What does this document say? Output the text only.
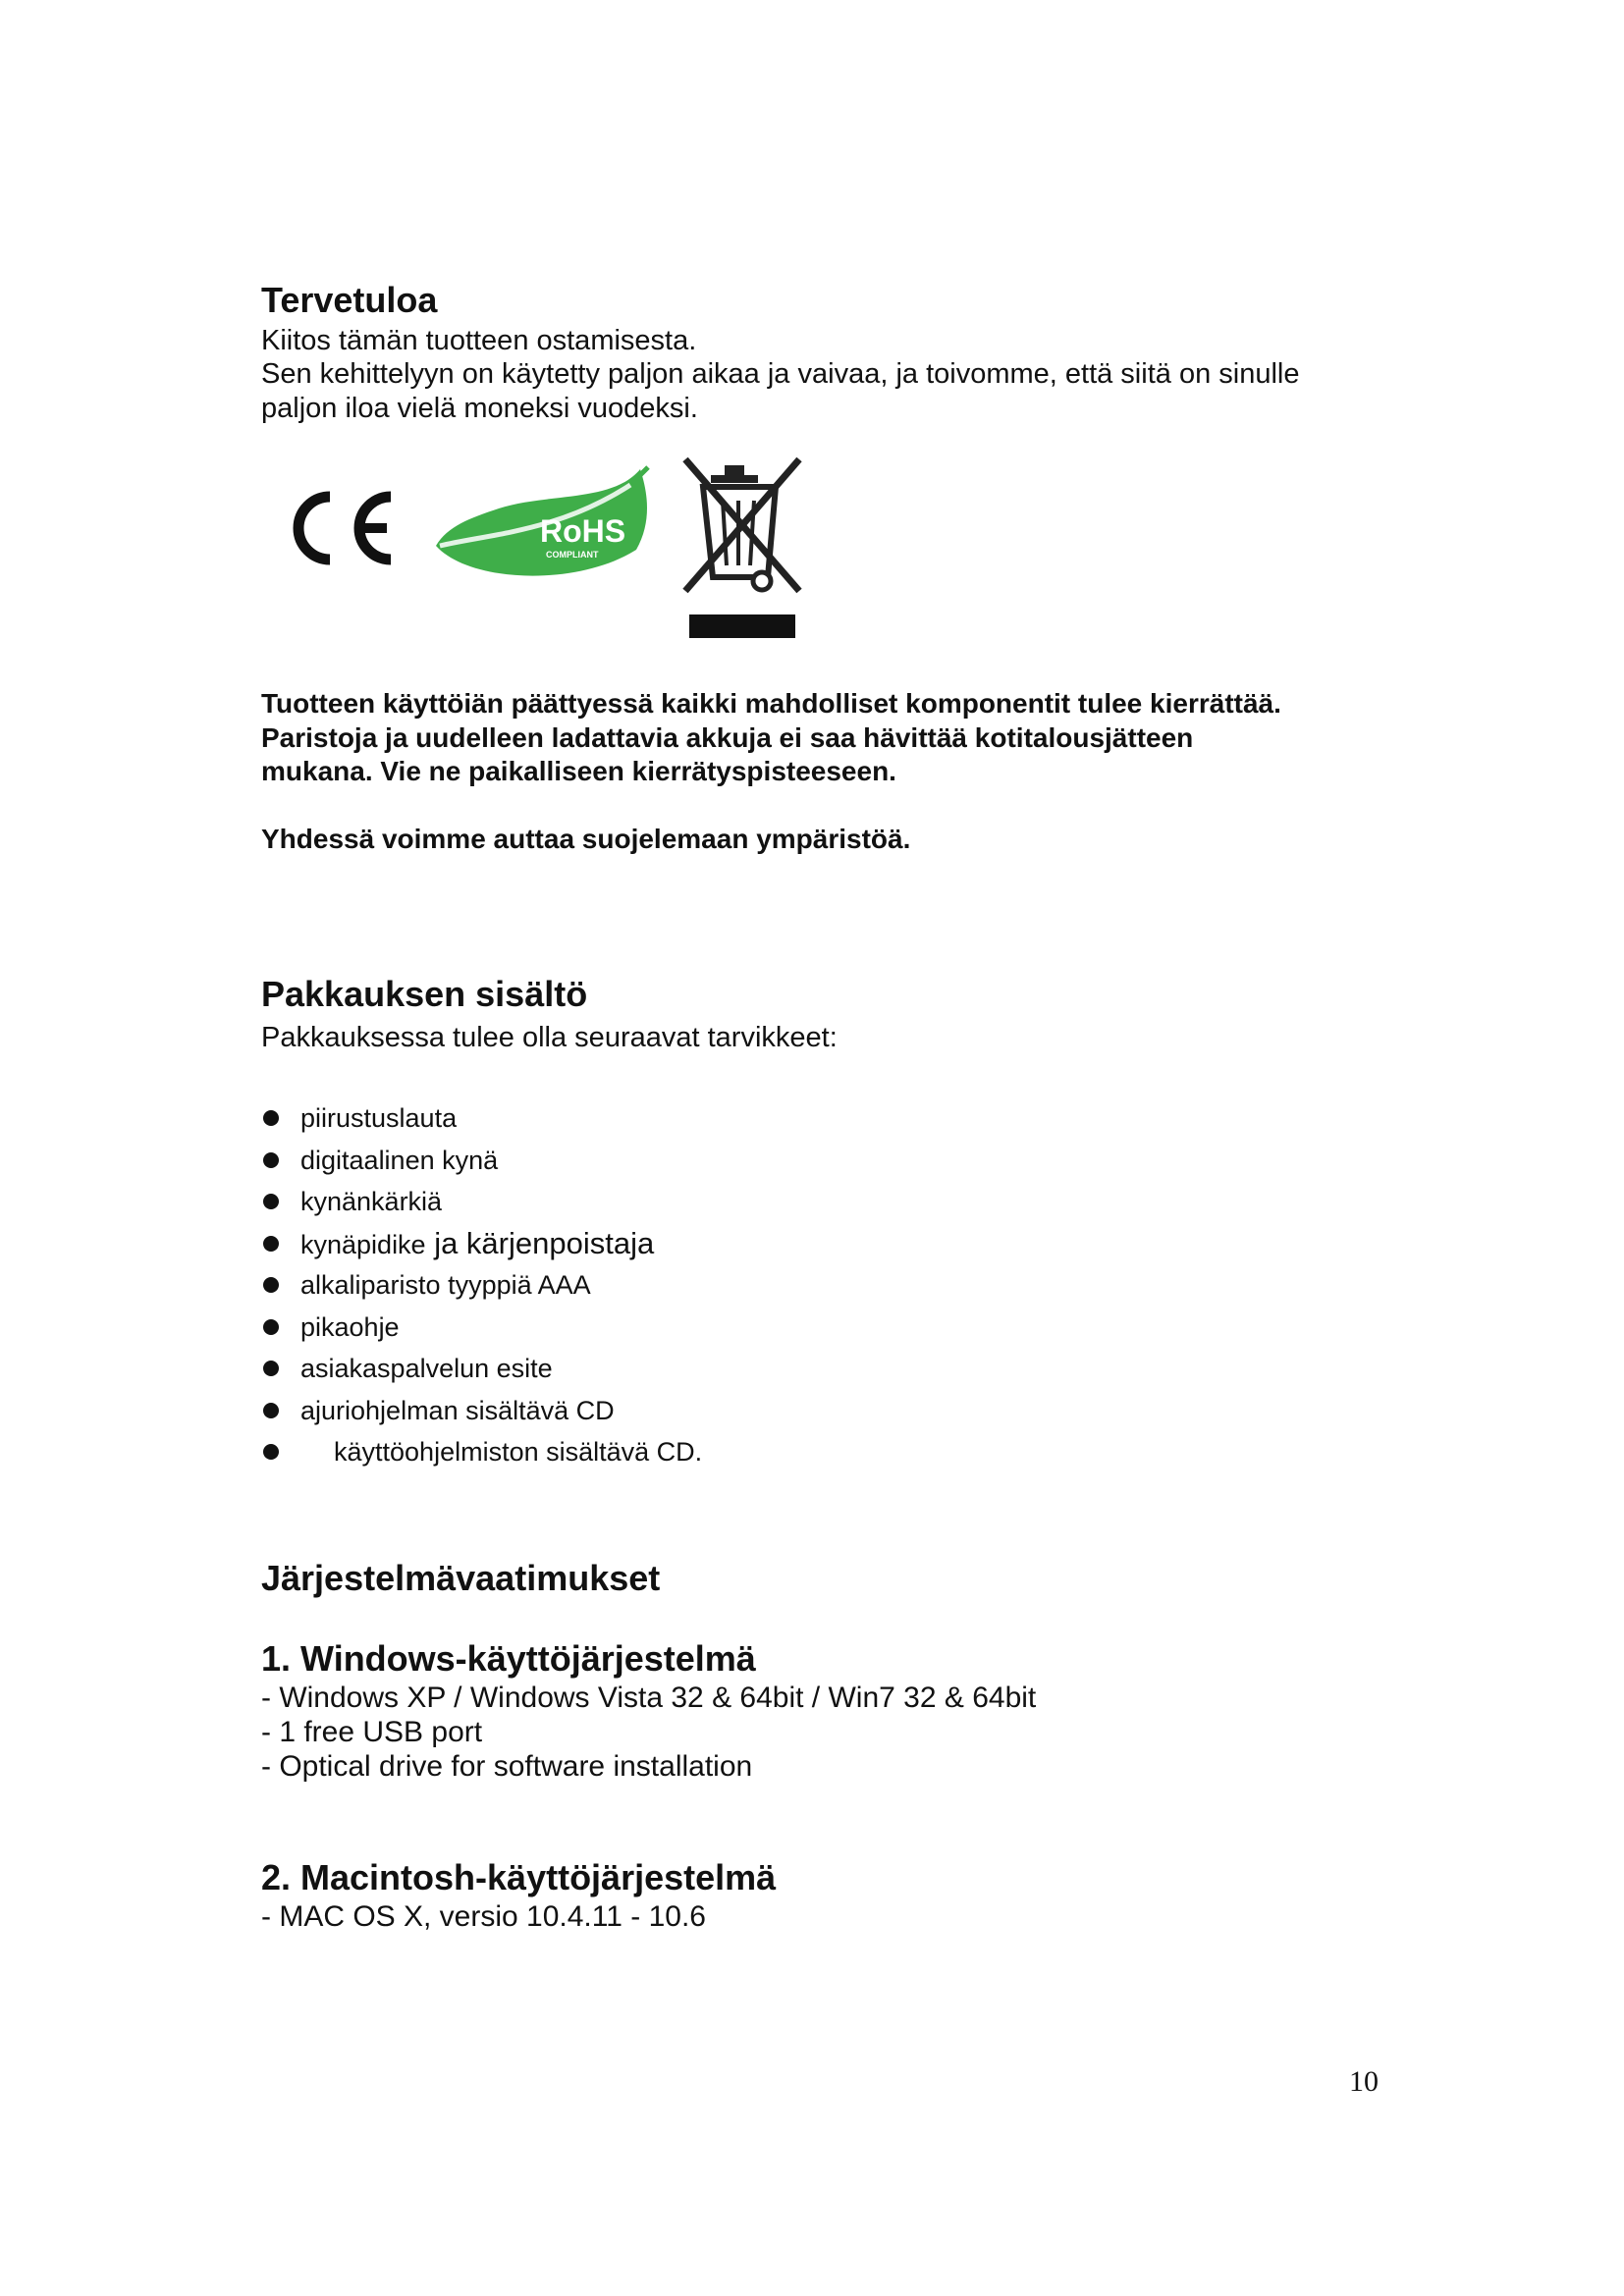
Tervetuloa

Kiitos tämän tuotteen ostamisesta.

Sen kehittelyyn on käytetty paljon aikaa ja vaivaa, ja toivomme, että siitä on sinulle

paljon iloa vielä moneksi vuodeksi.

RoHS
COMPLIANT

Tuotteen käyttöiän päättyessä kaikki mahdolliset komponentit tulee kierrättää.

Paristoja ja uudelleen ladattavia akkuja ei saa hävittää kotitalousjätteen

mukana. Vie ne paikalliseen kierrätyspisteeseen.

Yhdessä voimme auttaa suojelemaan ympäristöä.

Pakkauksen sisältö

Pakkauksessa tulee olla seuraavat tarvikkeet:

piirustuslauta
digitaalinen kynä
kynänkärkiä
kynäpidike ja kärjenpoistaja
alkaliparisto tyyppiä AAA
pikaohje
asiakaspalvelun esite
ajuriohjelman sisältävä CD
käyttöohjelmiston sisältävä CD.
Järjestelmävaatimukset
1. Windows-käyttöjärjestelmä

- Windows XP / Windows Vista 32 & 64bit / Win7 32 & 64bit

- 1 free USB port

- Optical drive for software installation

2. Macintosh-käyttöjärjestelmä

- MAC OS X, versio 10.4.11 - 10.6

10
